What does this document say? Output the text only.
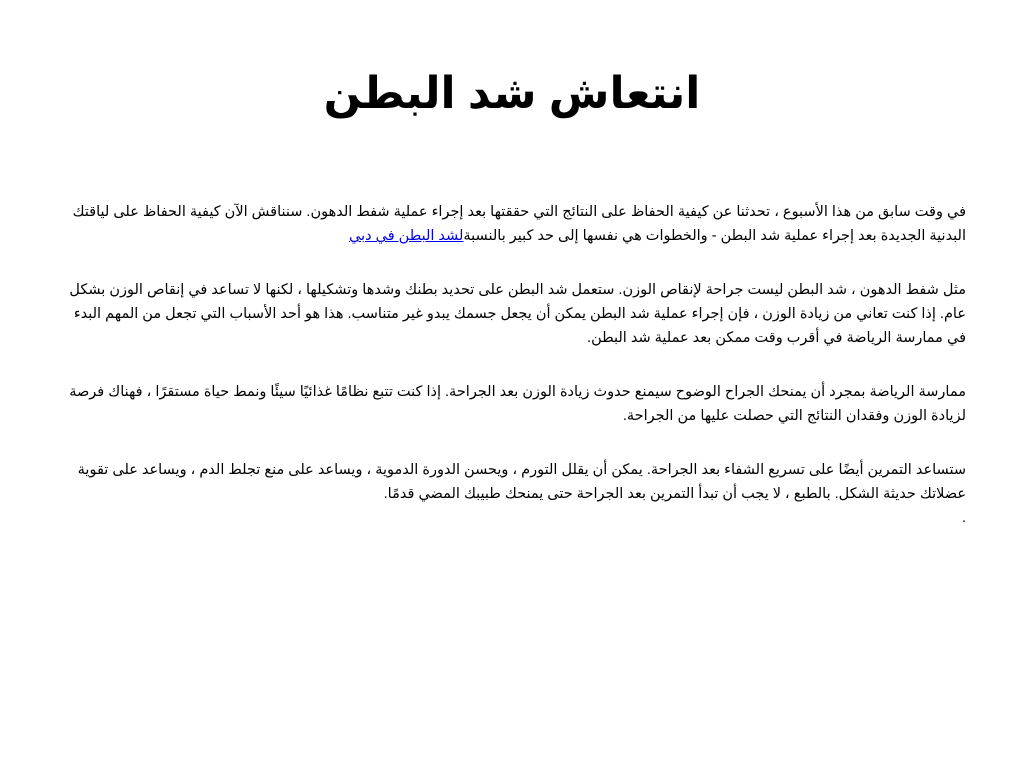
انتعاش شد البطن

في وقت سابق من هذا الأسبوع ، تحدثنا عن كيفية الحفاظ على النتائج التي حققتها بعد إجراء عملية شفط الدهون. سنناقش الآن كيفية الحفاظ على لياقتك البدنية الجديدة بعد إجراء عملية شد البطن - والخطوات هي نفسها إلى حد كبير بالنسبةلشد البطن في دبي

مثل شفط الدهون ، شد البطن ليست جراحة لإنقاص الوزن. ستعمل شد البطن على تحديد بطنك وشدها وتشكيلها ، لكنها لا تساعد في إنقاص الوزن بشكل عام. إذا كنت تعاني من زيادة الوزن ، فإن إجراء عملية شد البطن يمكن أن يجعل جسمك يبدو غير متناسب. هذا هو أحد الأسباب التي تجعل من المهم البدء في ممارسة الرياضة في أقرب وقت ممكن بعد عملية شد البطن.

ممارسة الرياضة بمجرد أن يمنحك الجراح الوضوح سيمنع حدوث زيادة الوزن بعد الجراحة. إذا كنت تتبع نظامًا غذائيًا سيئًا ونمط حياة مستقرًا ، فهناك فرصة لزيادة الوزن وفقدان النتائج التي حصلت عليها من الجراحة.

ستساعد التمرين أيضًا على تسريع الشفاء بعد الجراحة. يمكن أن يقلل التورم ، ويحسن الدورة الدموية ، ويساعد على منع تجلط الدم ، ويساعد على تقوية عضلاتك حديثة الشكل. بالطبع ، لا يجب أن تبدأ التمرين بعد الجراحة حتى يمنحك طبيبك المضي قدمًا.

.
